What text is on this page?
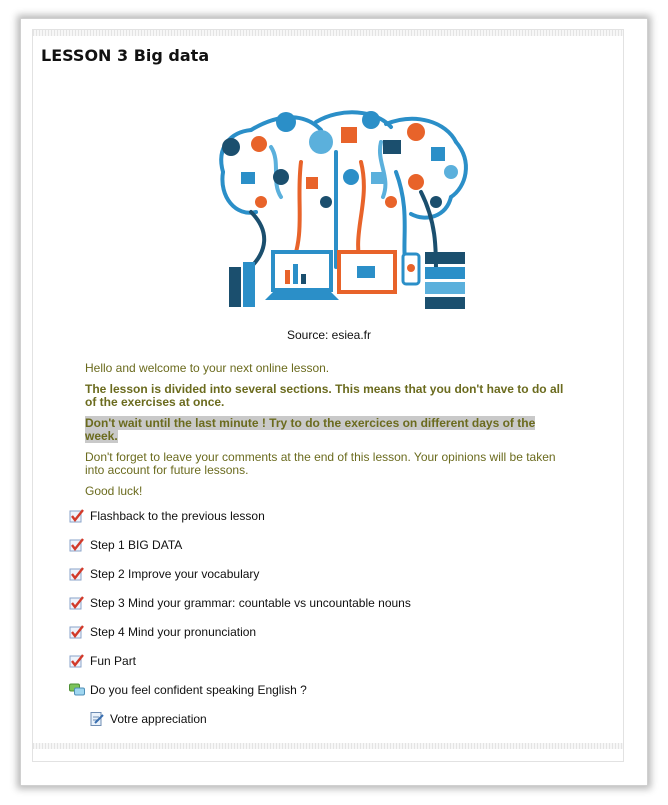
LESSON 3 Big data
Source: esiea.fr

Hello and welcome to your next online lesson.

The lesson is divided into several sections. This means that you don't have to do all of the exercises at once.

Don't wait until the last minute ! Try to do the exercices on different days of the week.

Don't forget to leave your comments at the end of this lesson. Your opinions will be taken into account for future lessons.

Good luck!

Flashback to the previous lesson
Step 1 BIG DATA
Step 2 Improve your vocabulary
Step 3 Mind your grammar: countable vs uncountable nouns
Step 4 Mind your pronunciation
Fun Part
Do you feel confident speaking English ?
Votre appreciation
